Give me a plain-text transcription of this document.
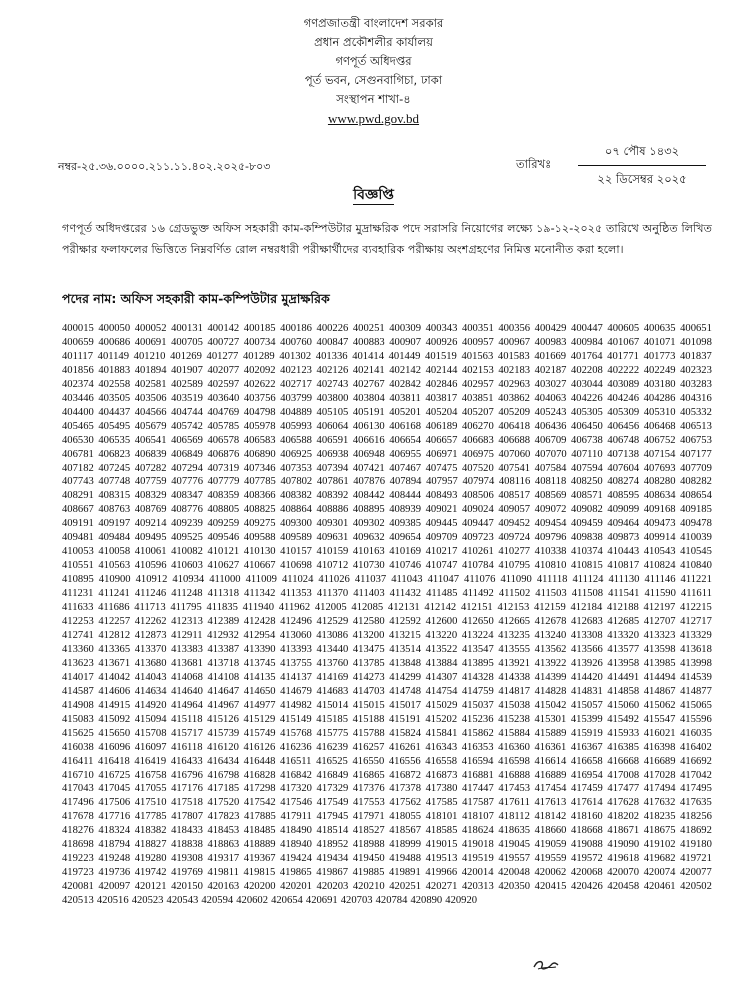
গণপ্রজাতন্ত্রী বাংলাদেশ সরকার
প্রধান প্রকৌশলীর কার্যালয়
গণপূর্ত অধিদপ্তর
পূর্ত ভবন, সেগুনবাগিচা, ঢাকা
সংস্থাপন শাখা-৪
www.pwd.gov.bd
নম্বর-২৫.৩৬.০০০০.২১১.১১.৪০২.২০২৫-৮০৩	তারিখঃ
০৭ পৌষ ১৪৩২
২২ ডিসেম্বর ২০২৫
বিজ্ঞপ্তি
গণপূর্ত অধিদপ্তরের ১৬ গ্রেডভুক্ত অফিস সহকারী কাম-কম্পিউটার মুদ্রাক্ষরিক পদে সরাসরি নিয়োগের লক্ষ্যে ১৯-১২-২০২৫ তারিখে অনুষ্ঠিত লিখিত পরীক্ষার ফলাফলের ভিত্তিতে নিম্নবর্ণিত রোল নম্বরধারী পরীক্ষার্থীদের ব্যবহারিক পরীক্ষায় অংশগ্রহণের নিমিত্ত মনোনীত করা হলো।
পদের নাম: অফিস সহকারী কাম-কম্পিউটার মুদ্রাক্ষরিক
400015 400050 400052 400131 400142 400185 400186 400226 400251 400309 400343 400351 400356 400429 400447 400605 400635 400651 400659 400686 400691 400705 400727 400734 400760 400847 400883 400907 400926 400957 400967 400983 400984 401067 401071 401098 401117 401149 401210 401269 401277 401289 401302 401336 401414 401449 401519 401563 401583 401669 401764 401771 401773 401837 401856 401883 401894 401907 402077 402092 402123 402126 402141 402142 402144 402153 402183 402187 402208 402222 402249 402323 402374 402558 402581 402589 402597 402622 402717 402743 402767 402842 402846 402957 402963 403027 403044 403089 403180 403283 403446 403505 403506 403519 403640 403756 403799 403800 403804 403811 403817 403851 403862 404063 404226 404246 404286 404316 404400 404437 404566 404744 404769 404798 404889 405105 405191 405201 405204 405207 405209 405243 405305 405309 405310 405332 405465 405495 405679 405742 405785 405978 405993 406064 406130 406168 406189 406270 406418 406436 406450 406456 406468 406513 406530 406535 406541 406569 406578 406583 406588 406591 406616 406654 406657 406683 406688 406709 406738 406748 406752 406753 406781 406823 406839 406849 406876 406890 406925 406938 406948 406955 406971 406975 407060 407070 407110 407138 407154 407177 407182 407245 407282 407294 407319 407346 407353 407394 407421 407467 407475 407520 407541 407584 407594 407604 407693 407709 407743 407748 407759 407776 407779 407785 407802 407861 407876 407894 407957 407974 408116 408118 408250 408274 408280 408282 408291 408315 408329 408347 408359 408366 408382 408392 408442 408444 408493 408506 408517 408569 408571 408595 408634 408654 408667 408763 408769 408776 408805 408825 408864 408886 408895 408939 409021 409024 409057 409072 409082 409099 409168 409185 409191 409197 409214 409239 409259 409275 409300 409301 409302 409385 409445 409447 409452 409454 409459 409464 409473 409478 409481 409484 409495 409525 409546 409588 409589 409631 409632 409654 409709 409723 409724 409796 409838 409873 409914 410039 410053 410058 410061 410082 410121 410130 410157 410159 410163 410169 410217 410261 410277 410338 410374 410443 410543 410545 410551 410563 410596 410603 410627 410667 410698 410712 410730 410746 410747 410784 410795 410810 410815 410817 410824 410840 410895 410900 410912 410934 411000 411009 411024 411026 411037 411043 411047 411076 411090 411118 411124 411130 411146 411221 411231 411241 411246 411248 411318 411342 411353 411370 411403 411432 411485 411492 411502 411503 411508 411541 411590 411611 411633 411686 411713 411795 411835 411940 411962 412005 412085 412131 412142 412151 412153 412159 412184 412188 412197 412215 412253 412257 412262 412313 412389 412428 412496 412529 412580 412592 412600 412650 412665 412678 412683 412685 412707 412717 412741 412812 412873 412911 412932 412954 413060 413086 413200 413215 413220 413224 413235 413240 413308 413320 413323 413329 413360 413365 413370 413383 413387 413390 413393 413440 413475 413514 413522 413547 413555 413562 413566 413577 413598 413618 413623 413671 413680 413681 413718 413745 413755 413760 413785 413848 413884 413895 413921 413922 413926 413958 413985 413998 414017 414042 414043 414068 414108 414135 414137 414169 414273 414299 414307 414328 414338 414399 414420 414491 414494 414539 414587 414606 414634 414640 414647 414650 414679 414683 414703 414748 414754 414759 414817 414828 414831 414858 414867 414877 414908 414915 414920 414964 414967 414977 414982 415014 415015 415017 415029 415037 415038 415042 415057 415060 415062 415065 415083 415092 415094 415118 415126 415129 415149 415185 415188 415191 415202 415236 415238 415301 415399 415492 415547 415596 415625 415650 415708 415717 415739 415749 415768 415775 415788 415824 415841 415862 415884 415889 415919 415933 416021 416035 416038 416096 416097 416118 416120 416126 416236 416239 416257 416261 416343 416353 416360 416361 416367 416385 416398 416402 416411 416418 416419 416433 416434 416448 416511 416525 416550 416556 416558 416594 416598 416614 416658 416668 416689 416692 416710 416725 416758 416796 416798 416828 416842 416849 416865 416872 416873 416881 416888 416889 416954 417008 417028 417042 417043 417045 417055 417176 417185 417298 417320 417329 417376 417378 417380 417447 417453 417454 417459 417477 417494 417495 417496 417506 417510 417518 417520 417542 417546 417549 417553 417562 417585 417587 417611 417613 417614 417628 417632 417635 417678 417716 417785 417807 417823 417885 417911 417945 417971 418055 418101 418107 418112 418142 418160 418202 418235 418256 418276 418324 418382 418433 418453 418485 418490 418514 418527 418567 418585 418624 418635 418660 418668 418671 418675 418692 418698 418794 418827 418838 418863 418889 418940 418952 418988 418999 419015 419018 419045 419059 419088 419090 419102 419180 419223 419248 419280 419308 419317 419367 419424 419434 419450 419488 419513 419519 419557 419559 419572 419618 419682 419721 419723 419736 419742 419769 419811 419815 419865 419867 419885 419891 419966 420014 420048 420062 420068 420070 420074 420077 420081 420097 420121 420150 420163 420200 420201 420203 420210 420251 420271 420313 420350 420415 420426 420458 420461 420502 420513 420516 420523 420543 420594 420602 420654 420691 420703 420784 420890 420920
